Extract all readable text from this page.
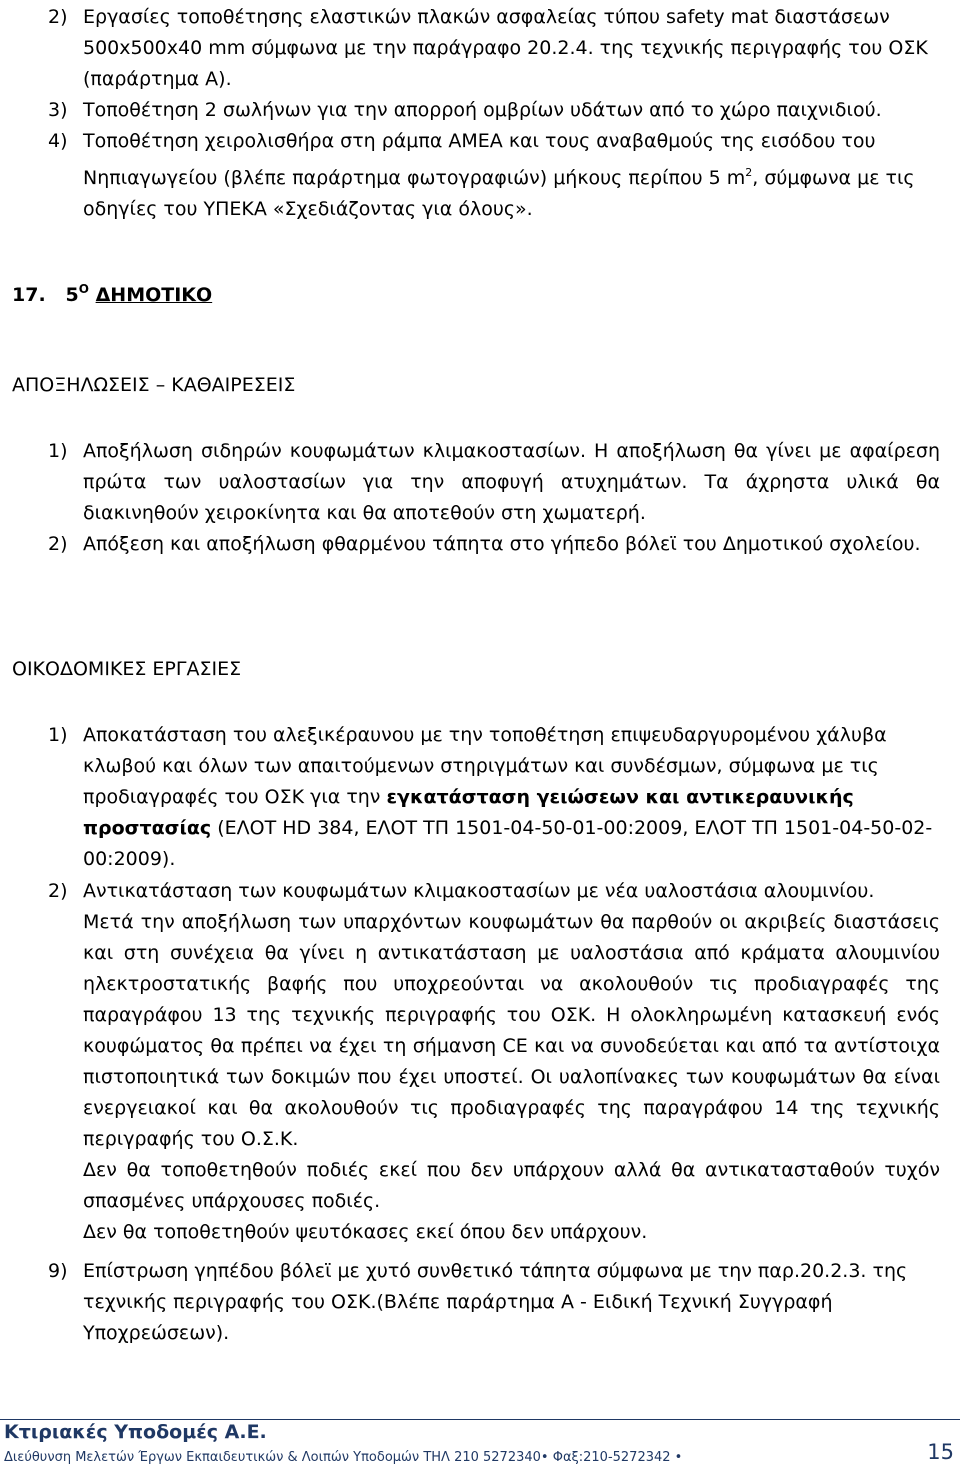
2) Εργασίες τοποθέτησης ελαστικών πλακών ασφαλείας τύπου safety mat διαστάσεων 500x500x40 mm σύμφωνα με την παράγραφο 20.2.4. της τεχνικής περιγραφής του ΟΣΚ (παράρτημα Α).
3) Τοποθέτηση 2 σωλήνων για την απορροή ομβρίων υδάτων από το χώρο παιχνιδιού.
4) Τοποθέτηση χειρολισθήρα στη ράμπα ΑΜΕΑ και τους αναβαθμούς της εισόδου του Νηπιαγωγείου (βλέπε παράρτημα φωτογραφιών) μήκους περίπου 5 $m^2$, σύμφωνα με τις οδηγίες του ΥΠΕΚΑ «Σχεδιάζοντας για όλους».
17. $5^O$ ΔΗΜΟΤΙΚΟ
ΑΠΟΞΗΛΩΣΕΙΣ – ΚΑΘΑΙΡΕΣΕΙΣ
1) Αποξήλωση σιδηρών κουφωμάτων κλιμακοστασίων. Η αποξήλωση θα γίνει με αφαίρεση πρώτα των υαλοστασίων για την αποφυγή ατυχημάτων. Τα άχρηστα υλικά θα διακινηθούν χειροκίνητα και θα αποτεθούν στη χωματερή.
2) Απόξεση και αποξήλωση φθαρμένου τάπητα στο γήπεδο βόλεϊ του Δημοτικού σχολείου.
ΟΙΚΟΔΟΜΙΚΕΣ ΕΡΓΑΣΙΕΣ
1) Αποκατάσταση του αλεξικέραυνου με την τοποθέτηση επιψευδαργυρομένου χάλυβα κλωβού και όλων των απαιτούμενων στηριγμάτων και συνδέσμων, σύμφωνα με τις προδιαγραφές του ΟΣΚ για την εγκατάσταση γειώσεων και αντικεραυνικής προστασίας (ΕΛΟΤ HD 384, ΕΛΟΤ ΤΠ 1501-04-50-01-00:2009, ΕΛΟΤ ΤΠ 1501-04-50-02-00:2009).
2) Αντικατάσταση των κουφωμάτων κλιμακοστασίων με νέα υαλοστάσια αλουμινίου.
Μετά την αποξήλωση των υπαρχόντων κουφωμάτων θα παρθούν οι ακριβείς διαστάσεις και στη συνέχεια θα γίνει η αντικατάσταση με υαλοστάσια από κράματα αλουμινίου ηλεκτροστατικής βαφής που υποχρεούνται να ακολουθούν τις προδιαγραφές της παραγράφου 13 της τεχνικής περιγραφής του ΟΣΚ. Η ολοκληρωμένη κατασκευή ενός κουφώματος θα πρέπει να έχει τη σήμανση CE και να συνοδεύεται και από τα αντίστοιχα πιστοποιητικά των δοκιμών που έχει υποστεί. Οι υαλοπίνακες των κουφωμάτων θα είναι ενεργειακοί και θα ακολουθούν τις προδιαγραφές της παραγράφου 14 της τεχνικής περιγραφής του Ο.Σ.Κ.
Δεν θα τοποθετηθούν ποδιές εκεί που δεν υπάρχουν αλλά θα αντικατασταθούν τυχόν σπασμένες υπάρχουσες ποδιές.
Δεν θα τοποθετηθούν ψευτόκασες εκεί όπου δεν υπάρχουν.
9) Επίστρωση γηπέδου βόλεϊ με χυτό συνθετικό τάπητα σύμφωνα με την παρ.20.2.3. της τεχνικής περιγραφής του ΟΣΚ.(Βλέπε παράρτημα Α - Ειδική Τεχνική Συγγραφή Υποχρεώσεων).
Κτιριακές Υποδομές Α.Ε.
Διεύθυνση Μελετών Έργων Εκπαιδευτικών & Λοιπών Υποδομών ΤΗΛ 210 5272340• Φαξ:210-5272342 •	15
